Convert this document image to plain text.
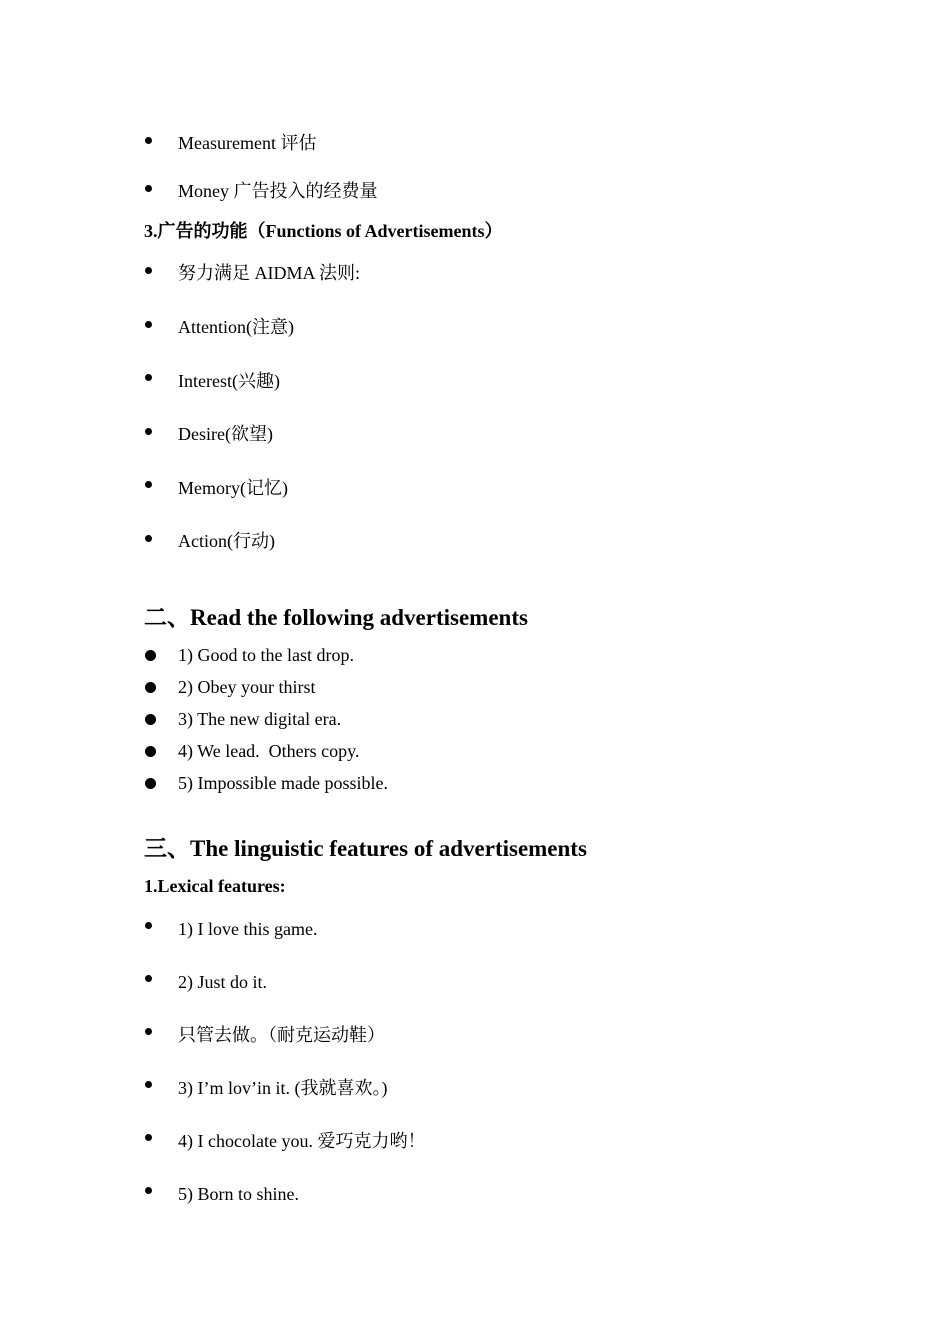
Measurement 评估
Money 广告投入的经费量
3.广告的功能（Functions of Advertisements）
努力满足 AIDMA 法则:
Attention(注意)
Interest(兴趣)
Desire(欲望)
Memory(记忆)
Action(行动)
二、Read the following advertisements
1) Good to the last drop.
2) Obey your thirst
3) The new digital era.
4) We lead.  Others copy.
5) Impossible made possible.
三、The linguistic features of advertisements
1.Lexical features:
1) I love this game.
2) Just do it.
只管去做。（耐克运动鞋）
3) I’m lov’in it. (我就喜欢。)
4) I chocolate you. 爱巧克力哟！
5) Born to shine.
